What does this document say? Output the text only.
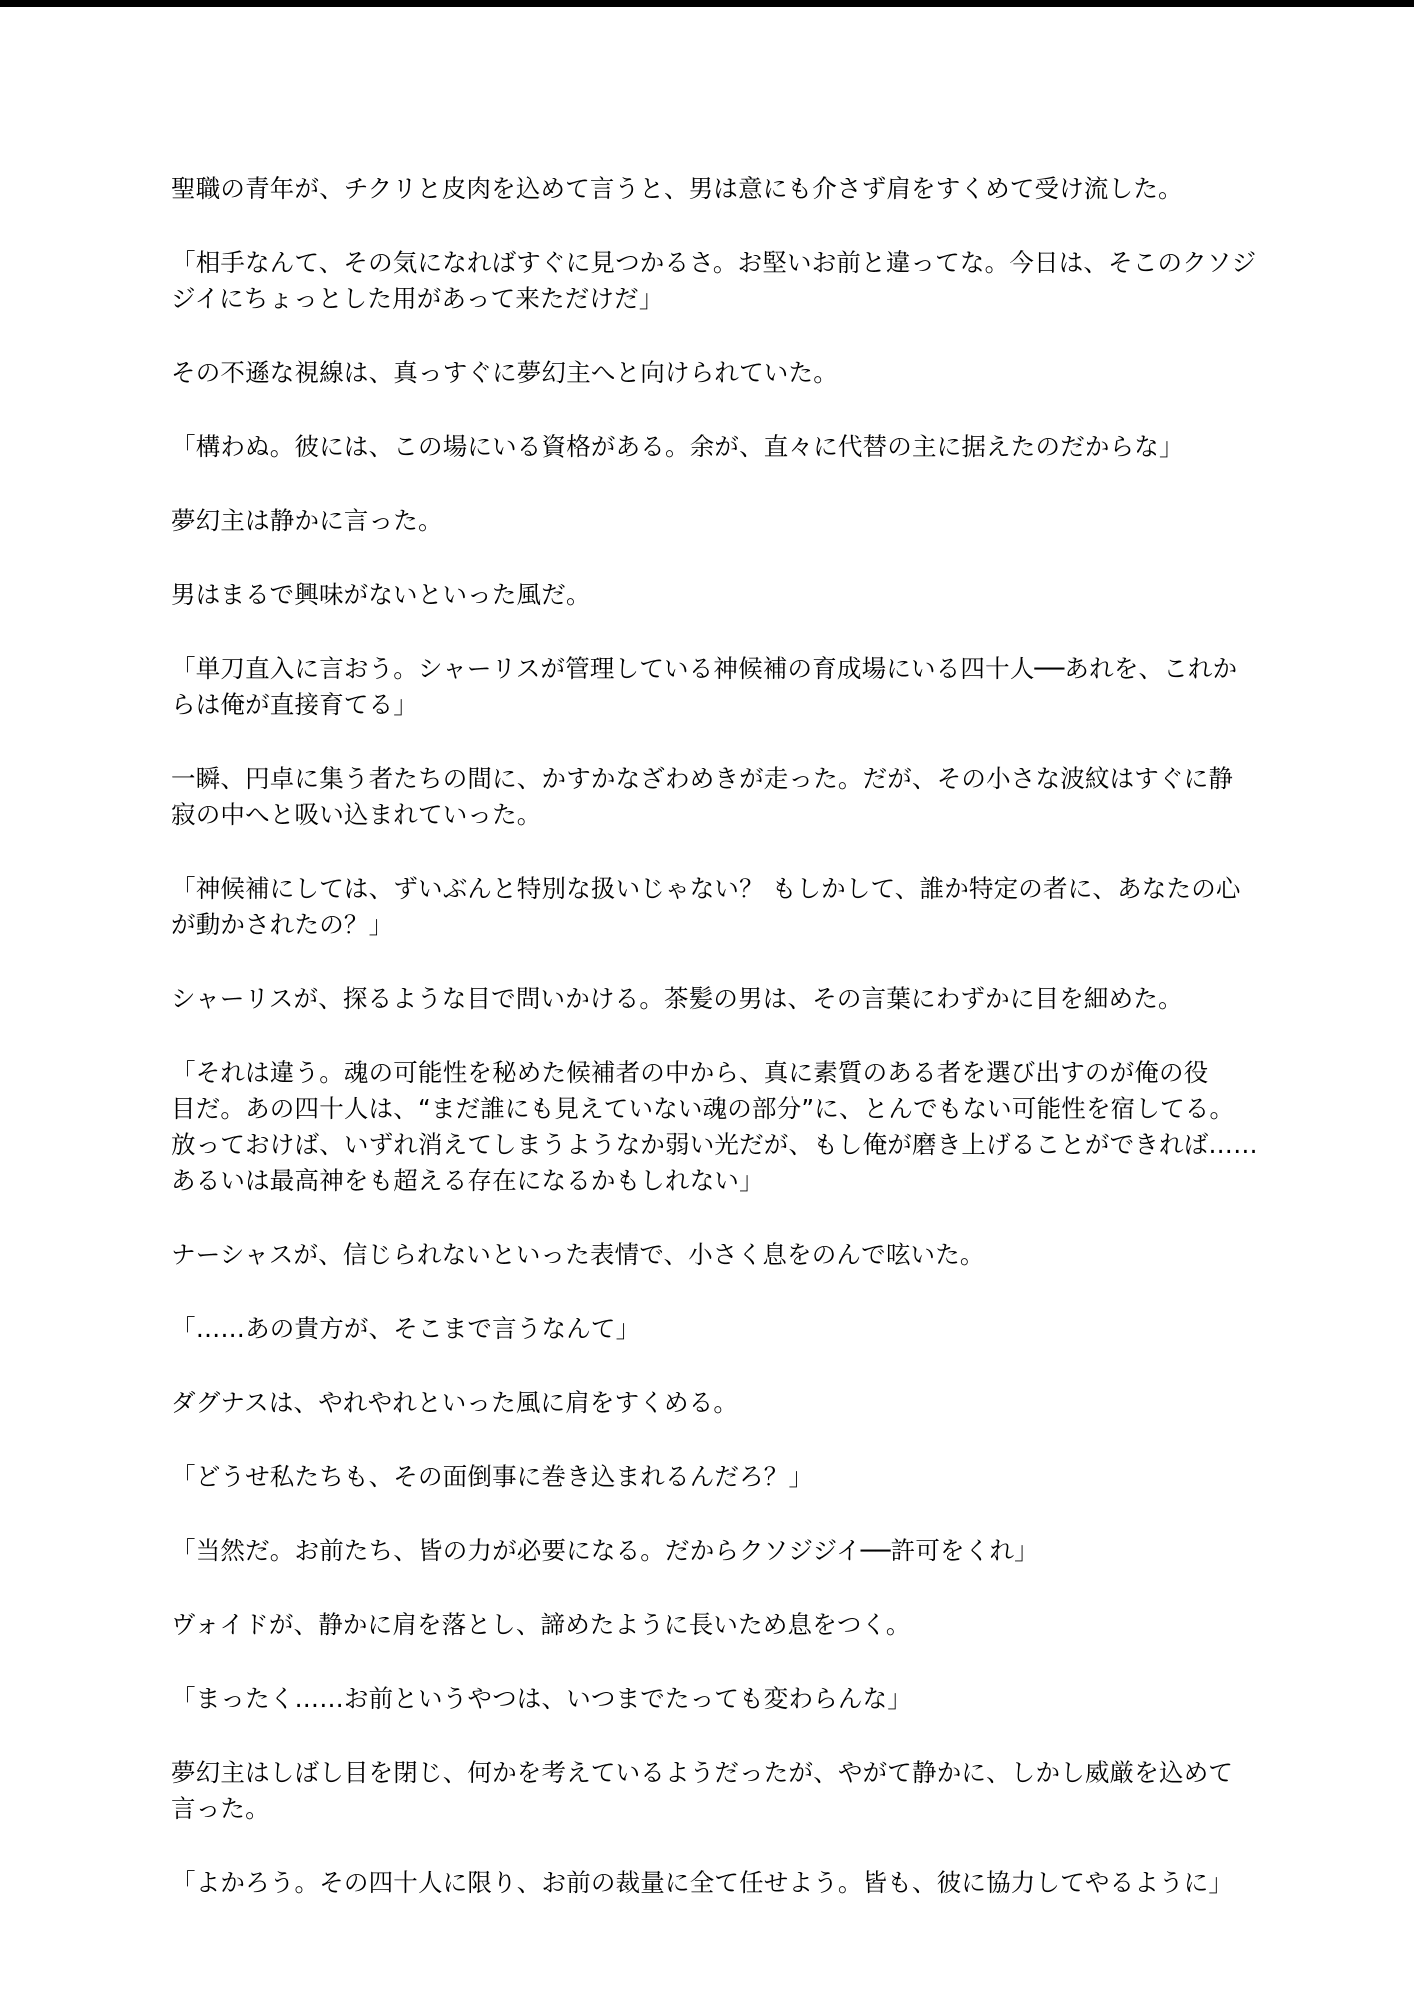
聖職の青年が、チクリと皮肉を込めて言うと、男は意にも介さず肩をすくめて受け流した。

「相手なんて、その気になればすぐに見つかるさ。お堅いお前と違ってな。今日は、そこのクソジ
ジイにちょっとした用があって来ただけだ」

その不遜な視線は、真っすぐに夢幻主へと向けられていた。

「構わぬ。彼には、この場にいる資格がある。余が、直々に代替の主に据えたのだからな」

夢幻主は静かに言った。

男はまるで興味がないといった風だ。

「単刀直入に言おう。シャーリスが管理している神候補の育成場にいる四十人──あれを、これか
らは俺が直接育てる」

一瞬、円卓に集う者たちの間に、かすかなざわめきが走った。だが、その小さな波紋はすぐに静
寂の中へと吸い込まれていった。

「神候補にしては、ずいぶんと特別な扱いじゃない？ もしかして、誰か特定の者に、あなたの心
が動かされたの？」

シャーリスが、探るような目で問いかける。茶髪の男は、その言葉にわずかに目を細めた。

「それは違う。魂の可能性を秘めた候補者の中から、真に素質のある者を選び出すのが俺の役
目だ。あの四十人は、“まだ誰にも見えていない魂の部分”に、とんでもない可能性を宿してる。
放っておけば、いずれ消えてしまうようなか弱い光だが、もし俺が磨き上げることができれば……
あるいは最高神をも超える存在になるかもしれない」

ナーシャスが、信じられないといった表情で、小さく息をのんで呟いた。

「……あの貴方が、そこまで言うなんて」

ダグナスは、やれやれといった風に肩をすくめる。

「どうせ私たちも、その面倒事に巻き込まれるんだろ？」

「当然だ。お前たち、皆の力が必要になる。だからクソジジイ──許可をくれ」

ヴォイドが、静かに肩を落とし、諦めたように長いため息をつく。

「まったく……お前というやつは、いつまでたっても変わらんな」

夢幻主はしばし目を閉じ、何かを考えているようだったが、やがて静かに、しかし威厳を込めて
言った。

「よかろう。その四十人に限り、お前の裁量に全て任せよう。皆も、彼に協力してやるように」
